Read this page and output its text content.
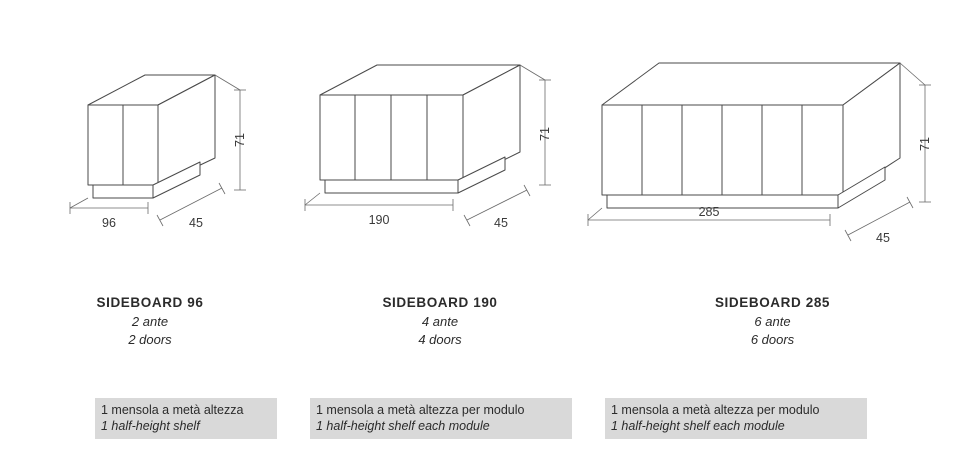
96	45
71
SIDEBOARD 96
2 ante
2 doors
190	45
71
SIDEBOARD 190
4 ante
4 doors
285
45
71
SIDEBOARD 285
6 ante
6 doors
1 mensola a metà altezza
1 half-height shelf
1 mensola a metà altezza per modulo
1 half-height shelf each module
1 mensola a metà altezza per modulo
1 half-height shelf each module
